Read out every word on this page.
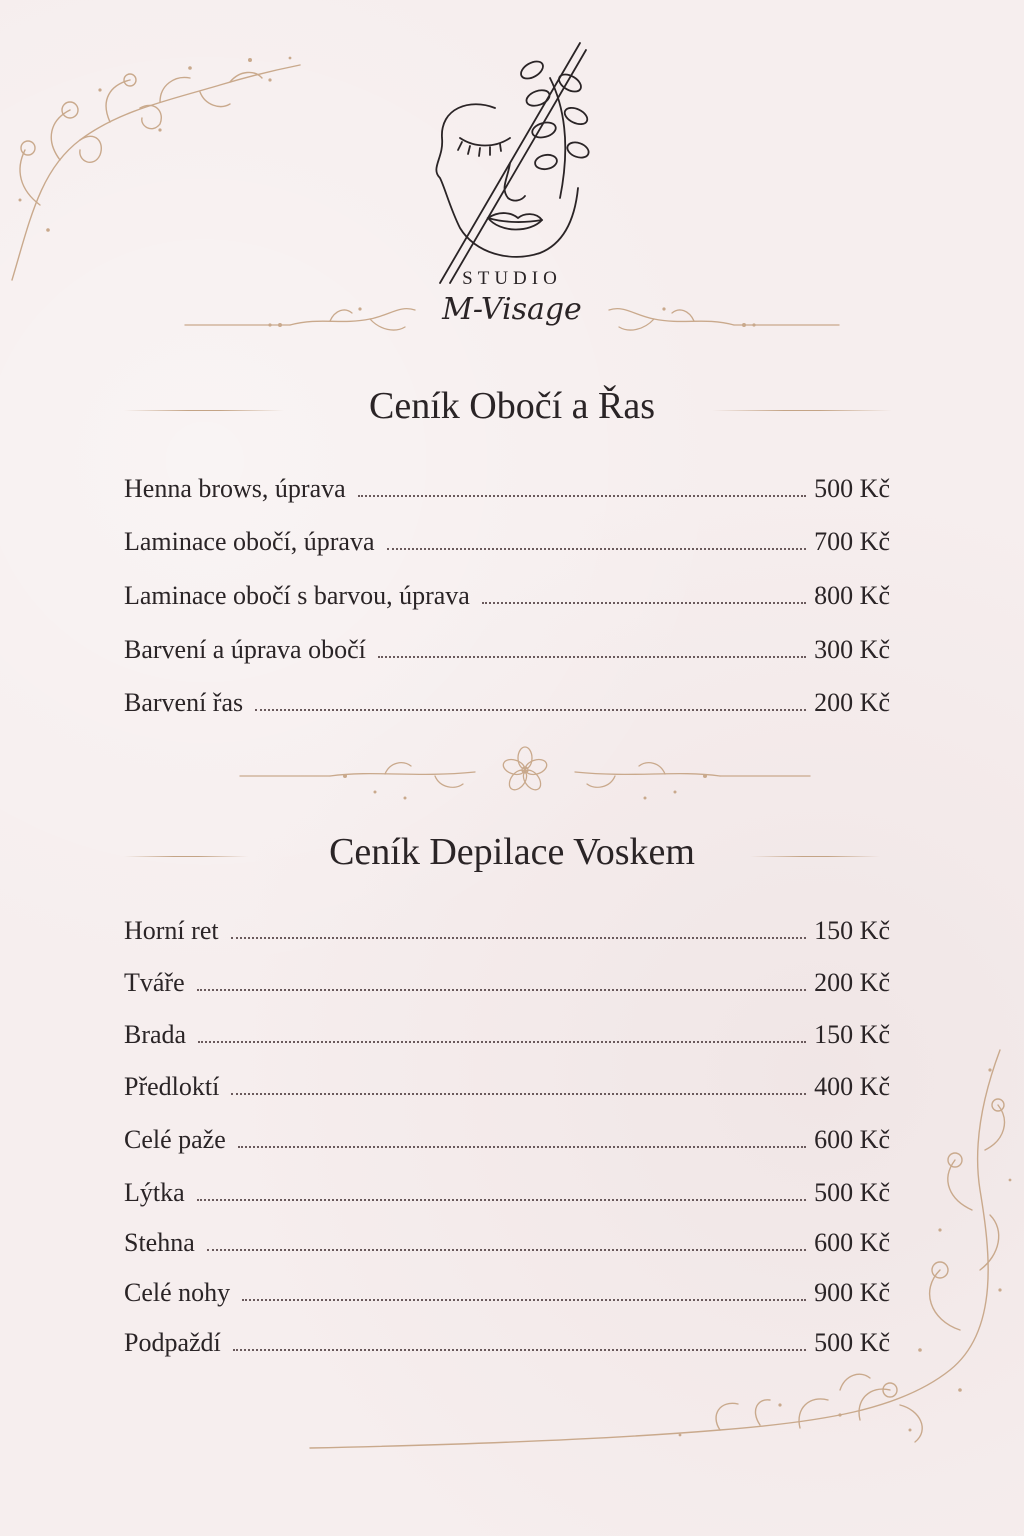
STUDIO
M-Visage
Ceník Obočí a Řas
Henna brows, úprava	500 Kč
Laminace obočí, úprava	700 Kč
Laminace obočí s barvou, úprava	800 Kč
Barvení a úprava obočí	300 Kč
Barvení řas	200 Kč
Ceník Depilace Voskem
Horní ret	150 Kč
Tváře	200 Kč
Brada	150 Kč
Předloktí	400 Kč
Celé paže	600 Kč
Lýtka	500 Kč
Stehna	600 Kč
Celé nohy	900 Kč
Podpaždí	500 Kč
